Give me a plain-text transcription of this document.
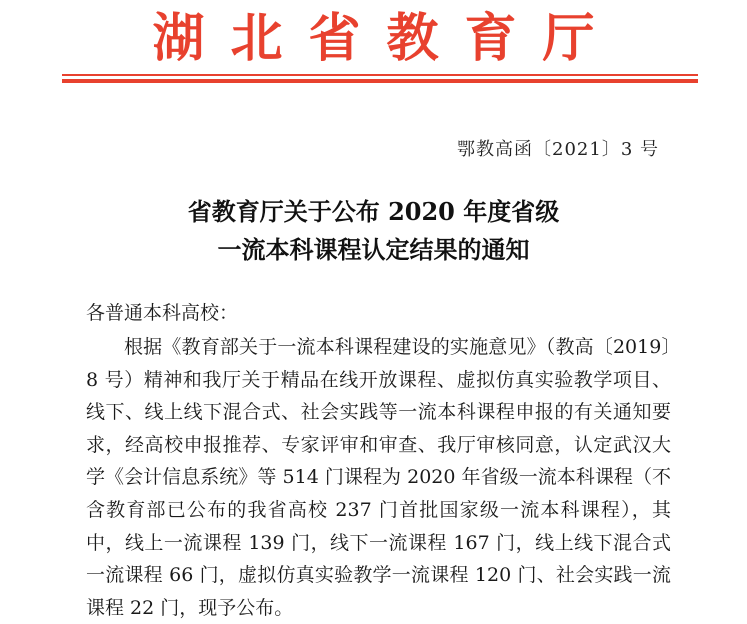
湖北省教育厅
鄂教高函〔2021〕3 号
省教育厅关于公布 2020 年度省级
一流本科课程认定结果的通知
各普通本科高校：

根据《教育部关于一流本科课程建设的实施意见》（教高〔2019〕8 号）精神和我厅关于精品在线开放课程、虚拟仿真实验教学项目、线下、线上线下混合式、社会实践等一流本科课程申报的有关通知要求，经高校申报推荐、专家评审和审查、我厅审核同意，认定武汉大学《会计信息系统》等 514 门课程为 2020 年省级一流本科课程（不含教育部已公布的我省高校 237 门首批国家级一流本科课程），其中，线上一流课程 139 门，线下一流课程 167 门，线上线下混合式一流课程 66 门，虚拟仿真实验教学一流课程 120 门、社会实践一流课程 22 门，现予公布。
